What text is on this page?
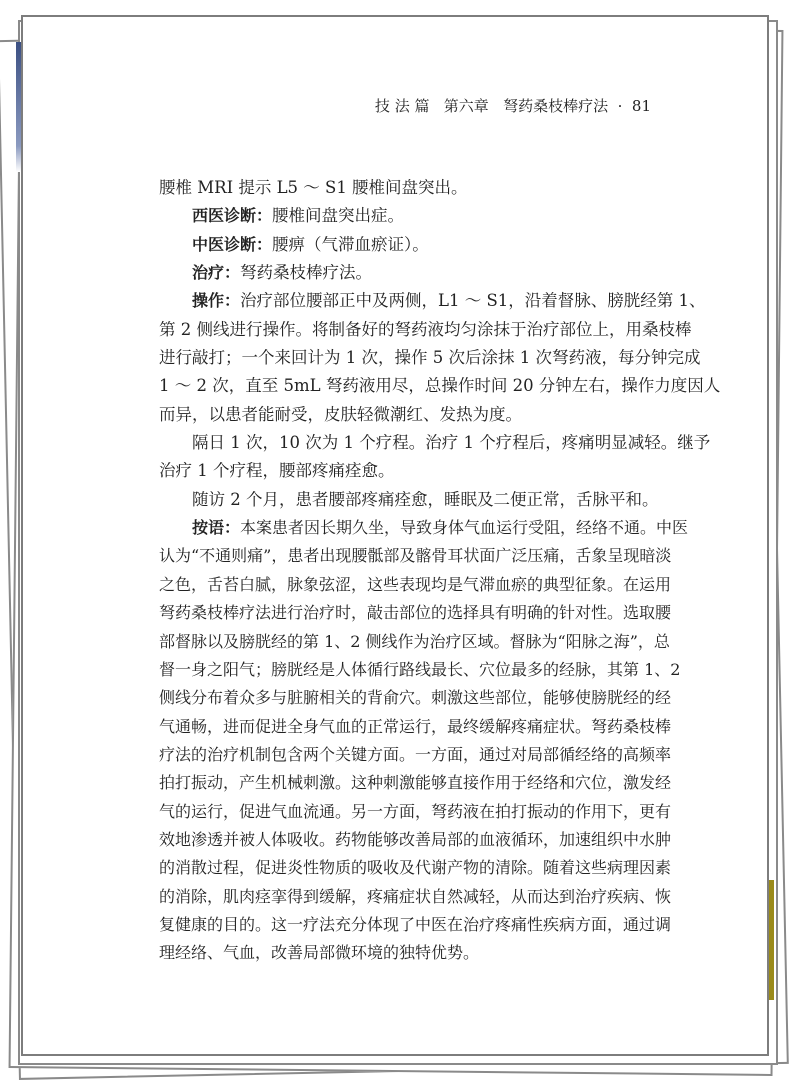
技 法 篇   第六章   弩药桑枝棒疗法  ·  81
腰椎 MRI 提示 L5 ～ S1 腰椎间盘突出。
西医诊断：腰椎间盘突出症。
中医诊断：腰痹（气滞血瘀证）。
治疗：弩药桑枝棒疗法。
操作：治疗部位腰部正中及两侧，L1 ～ S1，沿着督脉、膀胱经第 1、
第 2 侧线进行操作。将制备好的弩药液均匀涂抹于治疗部位上，用桑枝棒
进行敲打；一个来回计为 1 次，操作 5 次后涂抹 1 次弩药液，每分钟完成
1 ～ 2 次，直至 5mL 弩药液用尽，总操作时间 20 分钟左右，操作力度因人
而异，以患者能耐受，皮肤轻微潮红、发热为度。
隔日 1 次，10 次为 1 个疗程。治疗 1 个疗程后，疼痛明显减轻。继予
治疗 1 个疗程，腰部疼痛痊愈。
随访 2 个月，患者腰部疼痛痊愈，睡眠及二便正常，舌脉平和。
按语：本案患者因长期久坐，导致身体气血运行受阻，经络不通。中医
认为“不通则痛”，患者出现腰骶部及髂骨耳状面广泛压痛，舌象呈现暗淡
之色，舌苔白腻，脉象弦涩，这些表现均是气滞血瘀的典型征象。在运用
弩药桑枝棒疗法进行治疗时，敲击部位的选择具有明确的针对性。选取腰
部督脉以及膀胱经的第 1、2 侧线作为治疗区域。督脉为“阳脉之海”，总
督一身之阳气；膀胱经是人体循行路线最长、穴位最多的经脉，其第 1、2
侧线分布着众多与脏腑相关的背俞穴。刺激这些部位，能够使膀胱经的经
气通畅，进而促进全身气血的正常运行，最终缓解疼痛症状。弩药桑枝棒
疗法的治疗机制包含两个关键方面。一方面，通过对局部循经络的高频率
拍打振动，产生机械刺激。这种刺激能够直接作用于经络和穴位，激发经
气的运行，促进气血流通。另一方面，弩药液在拍打振动的作用下，更有
效地渗透并被人体吸收。药物能够改善局部的血液循环，加速组织中水肿
的消散过程，促进炎性物质的吸收及代谢产物的清除。随着这些病理因素
的消除，肌肉痉挛得到缓解，疼痛症状自然减轻，从而达到治疗疾病、恢
复健康的目的。这一疗法充分体现了中医在治疗疼痛性疾病方面，通过调
理经络、气血，改善局部微环境的独特优势。
